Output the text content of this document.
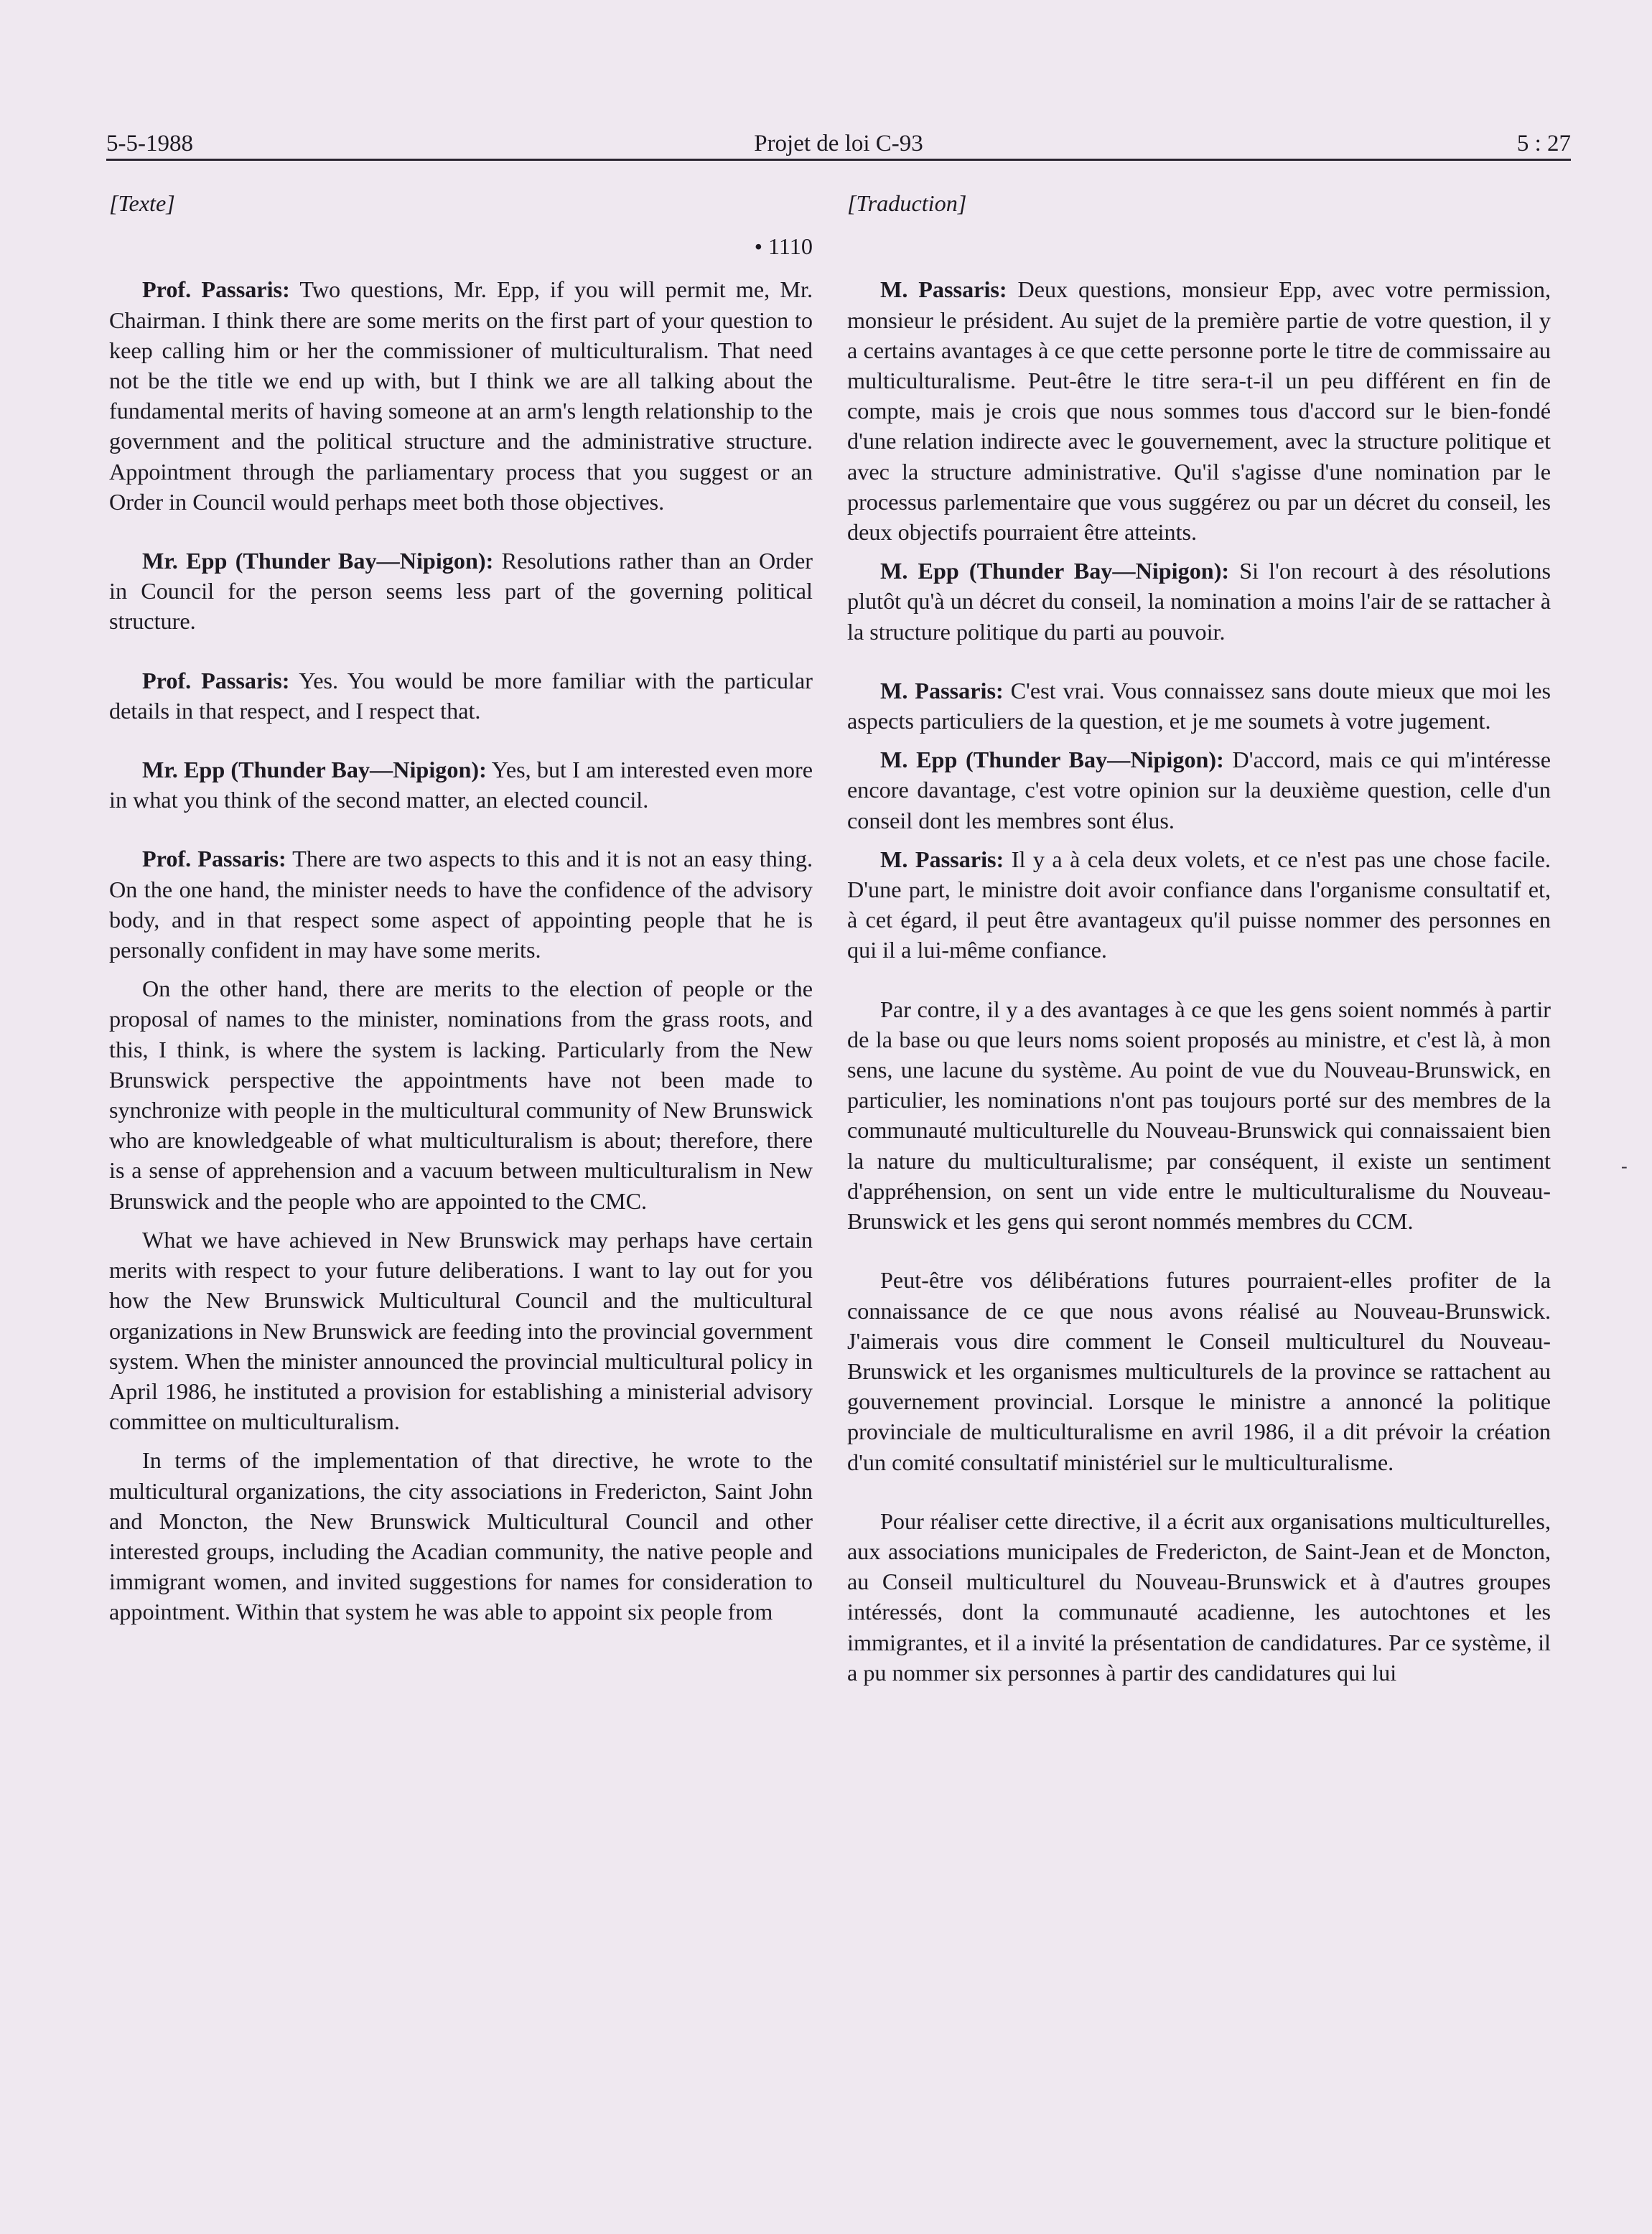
5-5-1988	Projet de loi C-93	5 : 27

[Texte]

• 1110

Prof. Passaris: Two questions, Mr. Epp, if you will permit me, Mr. Chairman. I think there are some merits on the first part of your question to keep calling him or her the commissioner of multiculturalism. That need not be the title we end up with, but I think we are all talking about the fundamental merits of having someone at an arm's length relationship to the government and the political structure and the administrative structure. Appointment through the parliamentary process that you suggest or an Order in Council would perhaps meet both those objectives.

Mr. Epp (Thunder Bay—Nipigon): Resolutions rather than an Order in Council for the person seems less part of the governing political structure.

Prof. Passaris: Yes. You would be more familiar with the particular details in that respect, and I respect that.

Mr. Epp (Thunder Bay—Nipigon): Yes, but I am interested even more in what you think of the second matter, an elected council.

Prof. Passaris: There are two aspects to this and it is not an easy thing. On the one hand, the minister needs to have the confidence of the advisory body, and in that respect some aspect of appointing people that he is personally confident in may have some merits.

On the other hand, there are merits to the election of people or the proposal of names to the minister, nominations from the grass roots, and this, I think, is where the system is lacking. Particularly from the New Brunswick perspective the appointments have not been made to synchronize with people in the multicultural community of New Brunswick who are knowledgeable of what multiculturalism is about; therefore, there is a sense of apprehension and a vacuum between multiculturalism in New Brunswick and the people who are appointed to the CMC.

What we have achieved in New Brunswick may perhaps have certain merits with respect to your future deliberations. I want to lay out for you how the New Brunswick Multicultural Council and the multicultural organizations in New Brunswick are feeding into the provincial government system. When the minister announced the provincial multicultural policy in April 1986, he instituted a provision for establishing a ministerial advisory committee on multiculturalism.

In terms of the implementation of that directive, he wrote to the multicultural organizations, the city associations in Fredericton, Saint John and Moncton, the New Brunswick Multicultural Council and other interested groups, including the Acadian community, the native people and immigrant women, and invited suggestions for names for consideration to appointment. Within that system he was able to appoint six people from

[Traduction]

M. Passaris: Deux questions, monsieur Epp, avec votre permission, monsieur le président. Au sujet de la première partie de votre question, il y a certains avantages à ce que cette personne porte le titre de commissaire au multiculturalisme. Peut-être le titre sera-t-il un peu différent en fin de compte, mais je crois que nous sommes tous d'accord sur le bien-fondé d'une relation indirecte avec le gouvernement, avec la structure politique et avec la structure administrative. Qu'il s'agisse d'une nomination par le processus parlementaire que vous suggérez ou par un décret du conseil, les deux objectifs pourraient être atteints.

M. Epp (Thunder Bay—Nipigon): Si l'on recourt à des résolutions plutôt qu'à un décret du conseil, la nomination a moins l'air de se rattacher à la structure politique du parti au pouvoir.

M. Passaris: C'est vrai. Vous connaissez sans doute mieux que moi les aspects particuliers de la question, et je me soumets à votre jugement.

M. Epp (Thunder Bay—Nipigon): D'accord, mais ce qui m'intéresse encore davantage, c'est votre opinion sur la deuxième question, celle d'un conseil dont les membres sont élus.

M. Passaris: Il y a à cela deux volets, et ce n'est pas une chose facile. D'une part, le ministre doit avoir confiance dans l'organisme consultatif et, à cet égard, il peut être avantageux qu'il puisse nommer des personnes en qui il a lui-même confiance.

Par contre, il y a des avantages à ce que les gens soient nommés à partir de la base ou que leurs noms soient proposés au ministre, et c'est là, à mon sens, une lacune du système. Au point de vue du Nouveau-Brunswick, en particulier, les nominations n'ont pas toujours porté sur des membres de la communauté multiculturelle du Nouveau-Brunswick qui connaissaient bien la nature du multiculturalisme; par conséquent, il existe un sentiment d'appréhension, on sent un vide entre le multiculturalisme du Nouveau-Brunswick et les gens qui seront nommés membres du CCM.

Peut-être vos délibérations futures pourraient-elles profiter de la connaissance de ce que nous avons réalisé au Nouveau-Brunswick. J'aimerais vous dire comment le Conseil multiculturel du Nouveau-Brunswick et les organismes multiculturels de la province se rattachent au gouvernement provincial. Lorsque le ministre a annoncé la politique provinciale de multiculturalisme en avril 1986, il a dit prévoir la création d'un comité consultatif ministériel sur le multiculturalisme.

Pour réaliser cette directive, il a écrit aux organisations multiculturelles, aux associations municipales de Fredericton, de Saint-Jean et de Moncton, au Conseil multiculturel du Nouveau-Brunswick et à d'autres groupes intéressés, dont la communauté acadienne, les autochtones et les immigrantes, et il a invité la présentation de candidatures. Par ce système, il a pu nommer six personnes à partir des candidatures qui lui

-
